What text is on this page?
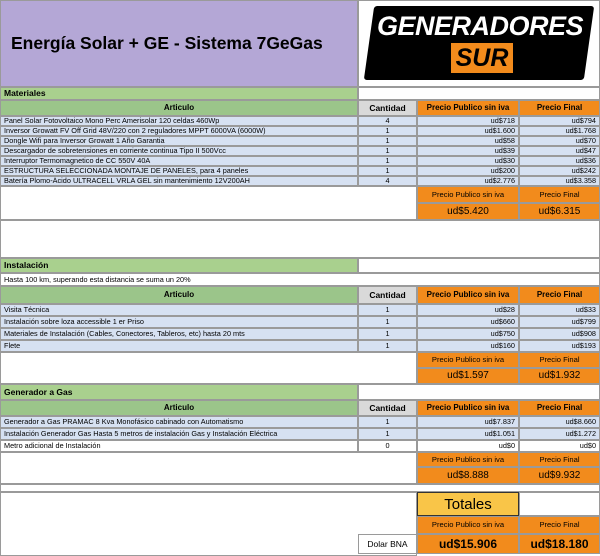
Energía Solar + GE - Sistema 7GeGas
GENERADORES
SUR
Materiales
Articulo	Cantidad	Precio Publico sin iva	Precio Final
Panel Solar Fotovoltaico Mono Perc Amerisolar 120 celdas 460Wp	4	ud$718	ud$794
Inversor Growatt FV Off Grid 48V/220 con 2 reguladores MPPT 6000VA (6000W)	1	ud$1.600	ud$1.768
Dongle Wifi para Inversor Growatt 1 Año Garantia	1	ud$58	ud$70
Descargador de sobretensiones en corriente continua Tipo II 500Vcc	1	ud$39	ud$47
Interruptor Termomagnetico de CC 550V 40A	1	ud$30	ud$36
ESTRUCTURA SELECCIONADA MONTAJE DE PANELES, para 4 paneles	1	ud$200	ud$242
Batería Plomo-Ácido ULTRACELL VRLA GEL sin mantenimiento 12V200AH	4	ud$2.776	ud$3.358
Precio Publico sin iva	Precio Final
ud$5.420	ud$6.315
Instalación
Hasta 100 km, superando esta distancia se suma un 20%
Articulo	Cantidad	Precio Publico sin iva	Precio Final
Visita Técnica	1	ud$28	ud$33
Instalación sobre loza accessible 1 er Priso	1	ud$660	ud$799
Materiales de Instalación (Cables, Conectores, Tableros, etc) hasta 20 mts	1	ud$750	ud$908
Flete	1	ud$160	ud$193
Precio Publico sin iva	Precio Final
ud$1.597	ud$1.932
Generador a Gas
Articulo	Cantidad	Precio Publico sin iva	Precio Final
Generador a Gas PRAMAC 8 Kva Monofásico cabinado con Automatismo	1	ud$7.837	ud$8.660
Instalación Generador Gas Hasta 5 metros de instalación Gas y Instalación Eléctrica	1	ud$1.051	ud$1.272
Metro adicional de Instalación	0	ud$0	ud$0
Precio Publico sin iva	Precio Final
ud$8.888	ud$9.932
Totales
Precio Publico sin iva	Precio Final
Dolar BNA	ud$15.906	ud$18.180
